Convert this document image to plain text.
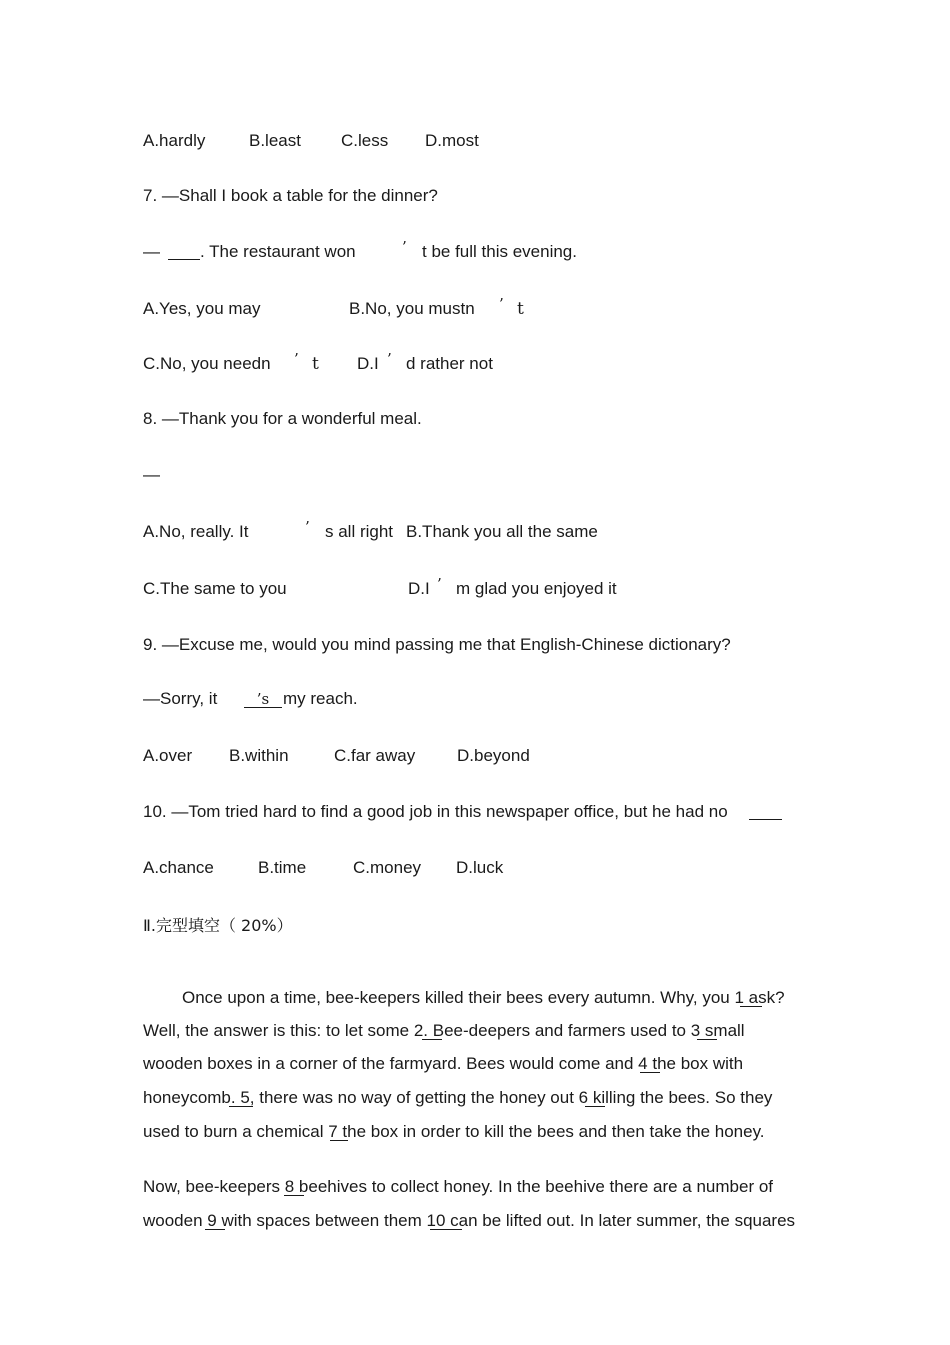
A.hardly	B.least C.less D.most
7. —Shall I book a table for the dinner?
— . The restaurant won	’ t be full this evening.
A.Yes, you may	B.No, you mustn ’ t
C.No, you needn ’ t D.I ’ d rather not
8. —Thank you for a wonderful meal.
—
A.No, really. It	’ s all right B.Thank you all the same
C.The same to you	D.I ’ m glad you enjoyed it
9. —Excuse me, would you mind passing me that English-Chinese dictionary?
—Sorry, it	’s my reach.
A.over B.within	C.far away D.beyond
10. —Tom tried hard to find a good job in this newspaper office, but he had no
A.chance	B.time	C.money D.luck
Ⅱ.完型填空（ 20%）
Once upon a time, bee-keepers killed their bees every autumn. Why, you 1 ask?
Well, the answer is this: to let some 2. Bee-deepers and farmers used to 3 small
wooden boxes in a corner of the farmyard. Bees would come and 4 the box with
honeycomb. 5, there was no way of getting the honey out 6 killing the bees. So they
used to burn a chemical 7 the box in order to kill the bees and then take the honey.
Now, bee-keepers 8 beehives to collect honey. In the beehive there are a number of
wooden 9 with spaces between them 10 can be lifted out. In later summer, the squares
